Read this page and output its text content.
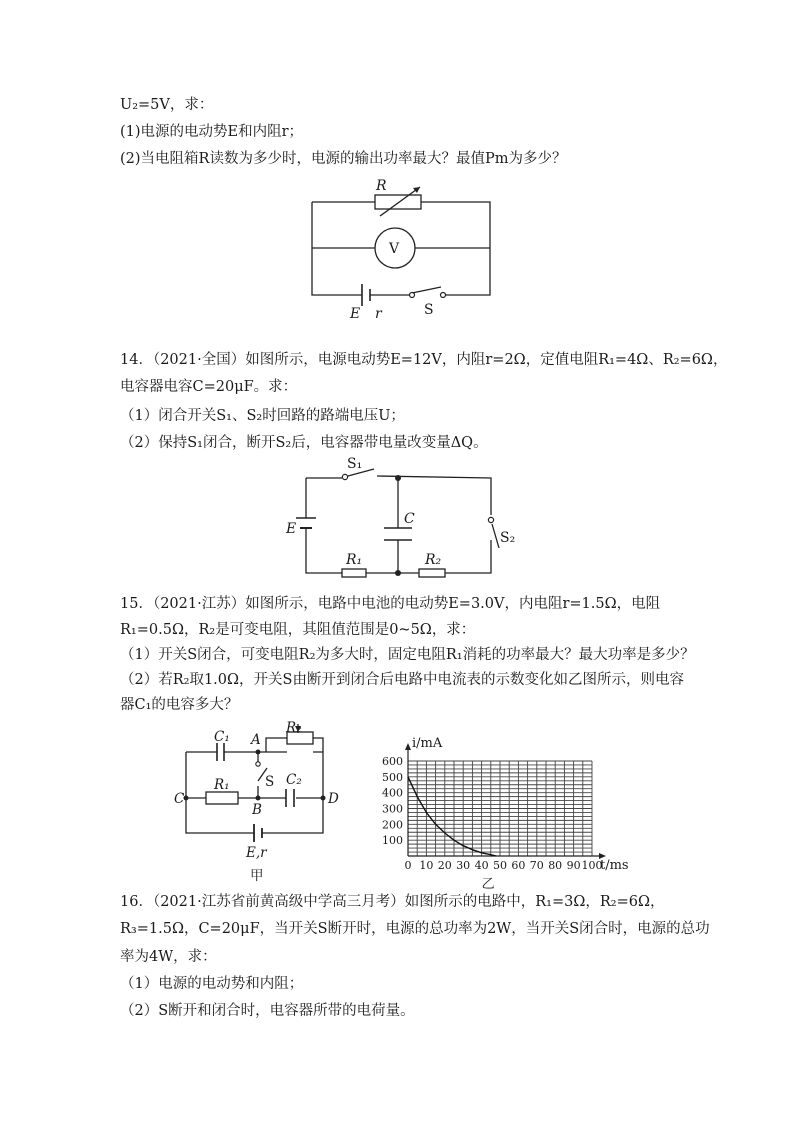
U₂=5V，求：
(1)电源的电动势E和内阻r；
(2)当电阻箱R读数为多少时，电源的输出功率最大？最值Pm为多少？
R
V
E r	S
14．（2021·全国）如图所示，电源电动势E=12V，内阻r=2Ω，定值电阻R₁=4Ω、R₂=6Ω，
电容器电容C=20μF。求：
（1）闭合开关S₁、S₂时回路的路端电压U；
（2）保持S₁闭合，断开S₂后，电容器带电量改变量ΔQ。
S₁
S₂
C
E
R₁	R₂
15．（2021·江苏）如图所示，电路中电池的电动势E=3.0V，内电阻r=1.5Ω，电阻
R₁=0.5Ω，R₂是可变电阻，其阻值范围是0~5Ω，求：
（1）开关S闭合，可变电阻R₂为多大时，固定电阻R₁消耗的功率最大？最大功率是多少？
（2）若R₂取1.0Ω，开关S由断开到闭合后电路中电流表的示数变化如乙图所示，则电容
器C₁的电容多大？
C₁ A
R₂
R₁	S C₂
C
B
D
E,r
甲
0 10 20 30 40 50 60 70 80 90 100
100
200
300
400
500
600
i/mA
t/ms
乙
16．（2021·江苏省前黄高级中学高三月考）如图所示的电路中，R₁=3Ω，R₂=6Ω，
R₃=1.5Ω，C=20μF，当开关S断开时，电源的总功率为2W，当开关S闭合时，电源的总功
率为4W，求：
（1）电源的电动势和内阻；
（2）S断开和闭合时，电容器所带的电荷量。
